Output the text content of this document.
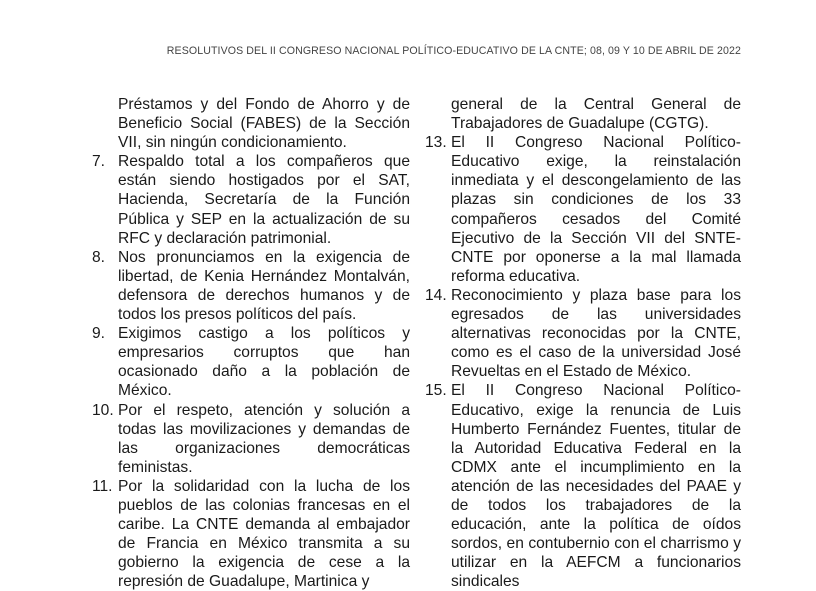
RESOLUTIVOS DEL II CONGRESO NACIONAL POLÍTICO-EDUCATIVO DE LA CNTE; 08, 09 Y 10 DE ABRIL DE 2022
Préstamos y del Fondo de Ahorro y de Beneficio Social (FABES) de la Sección VII, sin ningún condicionamiento.
7. Respaldo total a los compañeros que están siendo hostigados por el SAT, Hacienda, Secretaría de la Función Pública y SEP en la actualización de su RFC y declaración patrimonial.
8. Nos pronunciamos en la exigencia de libertad, de Kenia Hernández Montalván, defensora de derechos humanos y de todos los presos políticos del país.
9. Exigimos castigo a los políticos y empresarios corruptos que han ocasionado daño a la población de México.
10. Por el respeto, atención y solución a todas las movilizaciones y demandas de las organizaciones democráticas feministas.
11. Por la solidaridad con la lucha de los pueblos de las colonias francesas en el caribe. La CNTE demanda al embajador de Francia en México transmita a su gobierno la exigencia de cese a la represión de Guadalupe, Martinica y
general de la Central General de Trabajadores de Guadalupe (CGTG).
13. El II Congreso Nacional Político-Educativo exige, la reinstalación inmediata y el descongelamiento de las plazas sin condiciones de los 33 compañeros cesados del Comité Ejecutivo de la Sección VII del SNTE-CNTE por oponerse a la mal llamada reforma educativa.
14. Reconocimiento y plaza base para los egresados de las universidades alternativas reconocidas por la CNTE, como es el caso de la universidad José Revueltas en el Estado de México.
15. El II Congreso Nacional Político-Educativo, exige la renuncia de Luis Humberto Fernández Fuentes, titular de la Autoridad Educativa Federal en la CDMX ante el incumplimiento en la atención de las necesidades del PAAE y de todos los trabajadores de la educación, ante la política de oídos sordos, en contubernio con el charrismo y utilizar en la AEFCM a funcionarios sindicales
